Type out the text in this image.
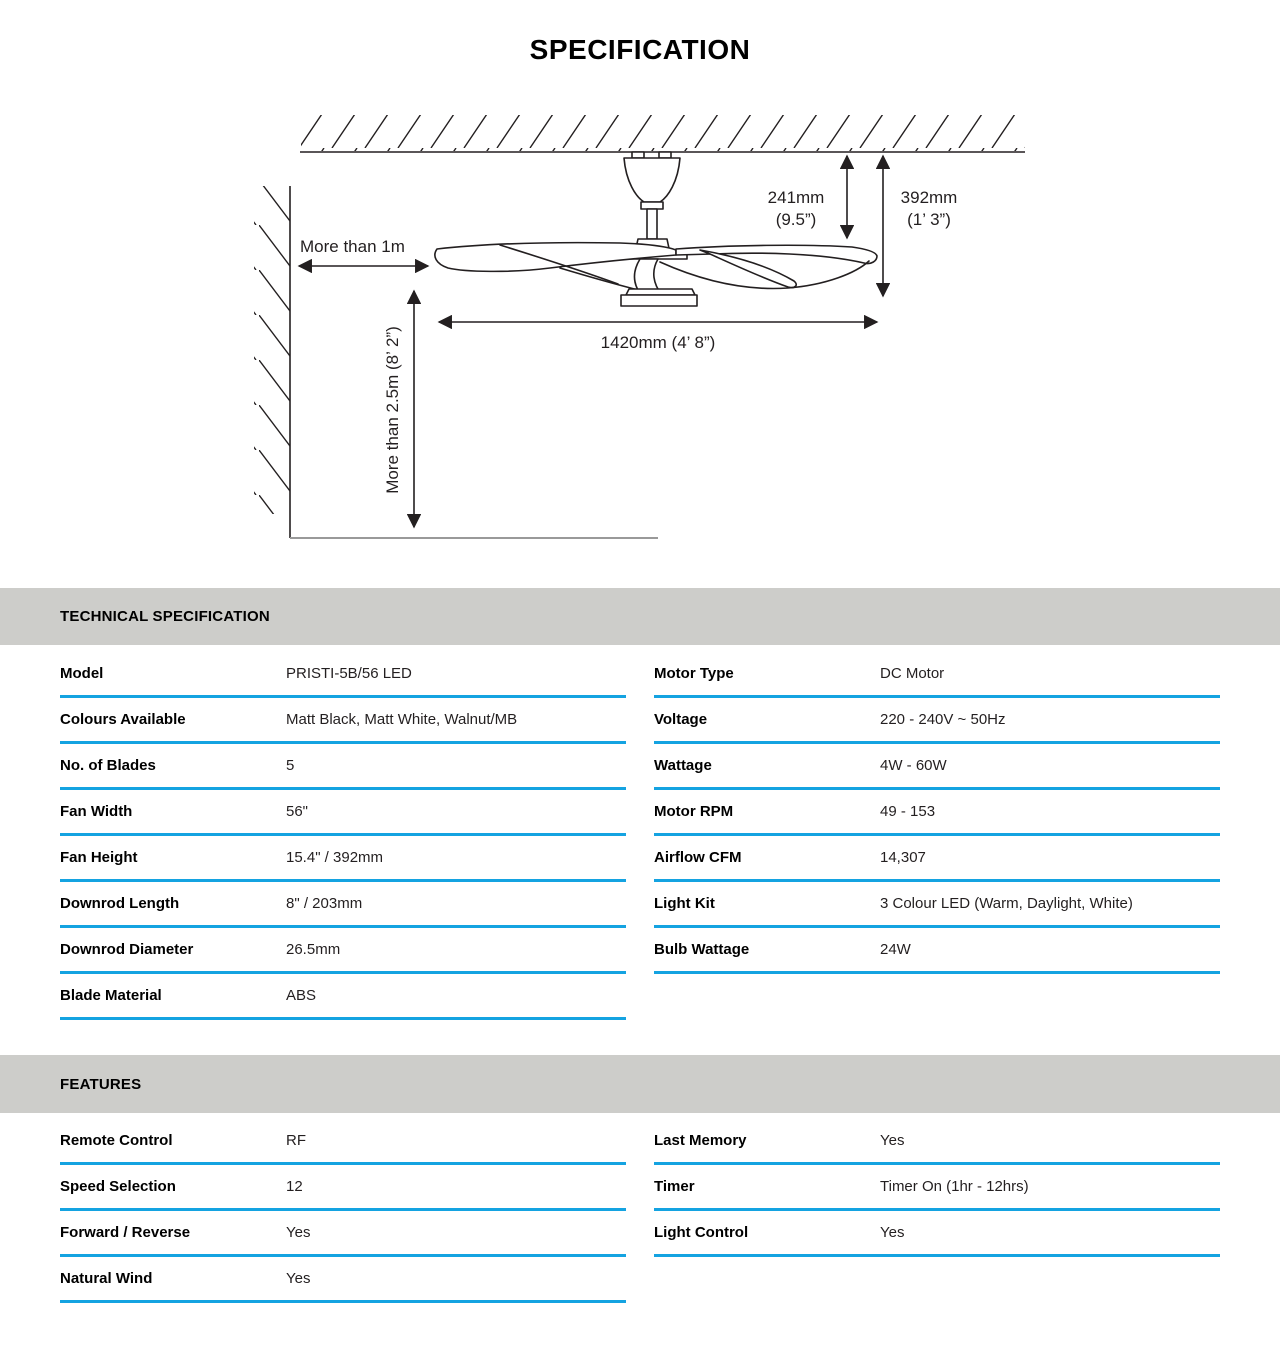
SPECIFICATION
More than 1m
More than 2.5m (8’ 2”)	1420mm (4’ 8”)
241mm
(9.5”)
392mm
(1’ 3”)
TECHNICAL SPECIFICATION
Model	PRISTI-5B/56 LED
Colours Available	Matt Black, Matt White, Walnut/MB
No. of Blades	5
Fan Width	56"
Fan Height	15.4" / 392mm
Downrod Length	8" / 203mm
Downrod Diameter	26.5mm
Blade Material	ABS
Motor Type	DC Motor
Voltage	220 - 240V ~ 50Hz
Wattage	4W - 60W
Motor RPM	49 - 153
Airflow CFM	14,307
Light Kit	3 Colour LED (Warm, Daylight, White)
Bulb Wattage	24W
FEATURES
Remote Control	RF
Speed Selection	12
Forward / Reverse	Yes
Natural Wind	Yes
Last Memory	Yes
Timer	Timer On (1hr - 12hrs)
Light Control	Yes
